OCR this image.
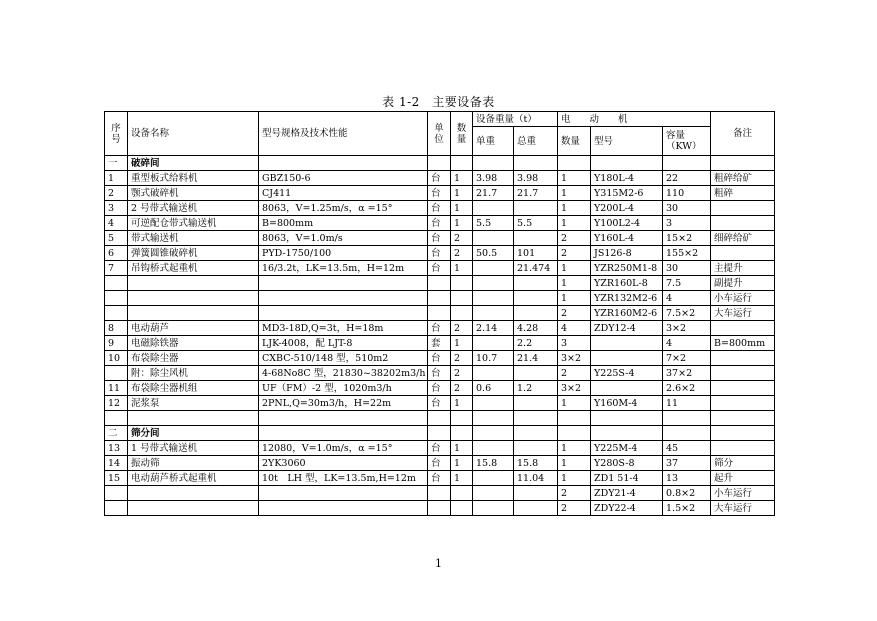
表 1-2　主要设备表
序号	设备名称	型号规格及技术性能	单位	数量	设备重量（t）		电　　动　　机			备注
					单重	总重	数量	型号	容量（KW）	
一	破碎间									
1	重型板式给料机	GBZ150-6	台	1	3.98	3.98	1	Y180L-4	22	粗碎给矿
2	颚式破碎机	CJ411	台	1	21.7	21.7	1	Y315M2-6	110	粗碎
3	2 号带式输送机	8063，V=1.25m/s，α =15°	台	1			1	Y200L-4	30	
4	可逆配仓带式输送机	B=800mm	台	1	5.5	5.5	1	Y100L2-4	3	
5	带式输送机	8063，V=1.0m/s	台	2			2	Y160L-4	15×2	细碎给矿
6	弹簧圆锥破碎机	PYD-1750/100	台	2	50.5	101	2	JS126-8	155×2	
7	吊钩桥式起重机	16/3.2t，LK=13.5m，H=12m	台	1		21.474	1	YZR250M1-8	30	主提升
							1	YZR160L-8	7.5	副提升
							1	YZR132M2-6	4	小车运行
							2	YZR160M2-6	7.5×2	大车运行
8	电动葫芦	MD3-18D,Q=3t，H=18m	台	2	2.14	4.28	4	ZDY12-4	3×2	
9	电磁除铁器	LJK-4008，配 LJT-8	套	1		2.2	3		4	B=800mm
10	布袋除尘器	CXBC-510/148 型，510m2	台	2	10.7	21.4	3×2		7×2	
	附：除尘风机	4-68No8C 型，21830~38202m3/h	台	2			2	Y225S-4	37×2	
11	布袋除尘器机组	UF（FM）-2 型，1020m3/h	台	2	0.6	1.2	3×2		2.6×2	
12	泥浆泵	2PNL,Q=30m3/h，H=22m	台	1			1	Y160M-4	11	

二	筛分间									
13	1 号带式输送机	12080，V=1.0m/s，α =15°	台	1			1	Y225M-4	45	
14	振动筛	2YK3060	台	1	15.8	15.8	1	Y280S-8	37	筛分
15	电动葫芦桥式起重机	10t　LH 型，LK=13.5m,H=12m	台	1		11.04	1	ZD1 51-4	13	起升
							2	ZDY21-4	0.8×2	小车运行
							2	ZDY22-4	1.5×2	大车运行
1
